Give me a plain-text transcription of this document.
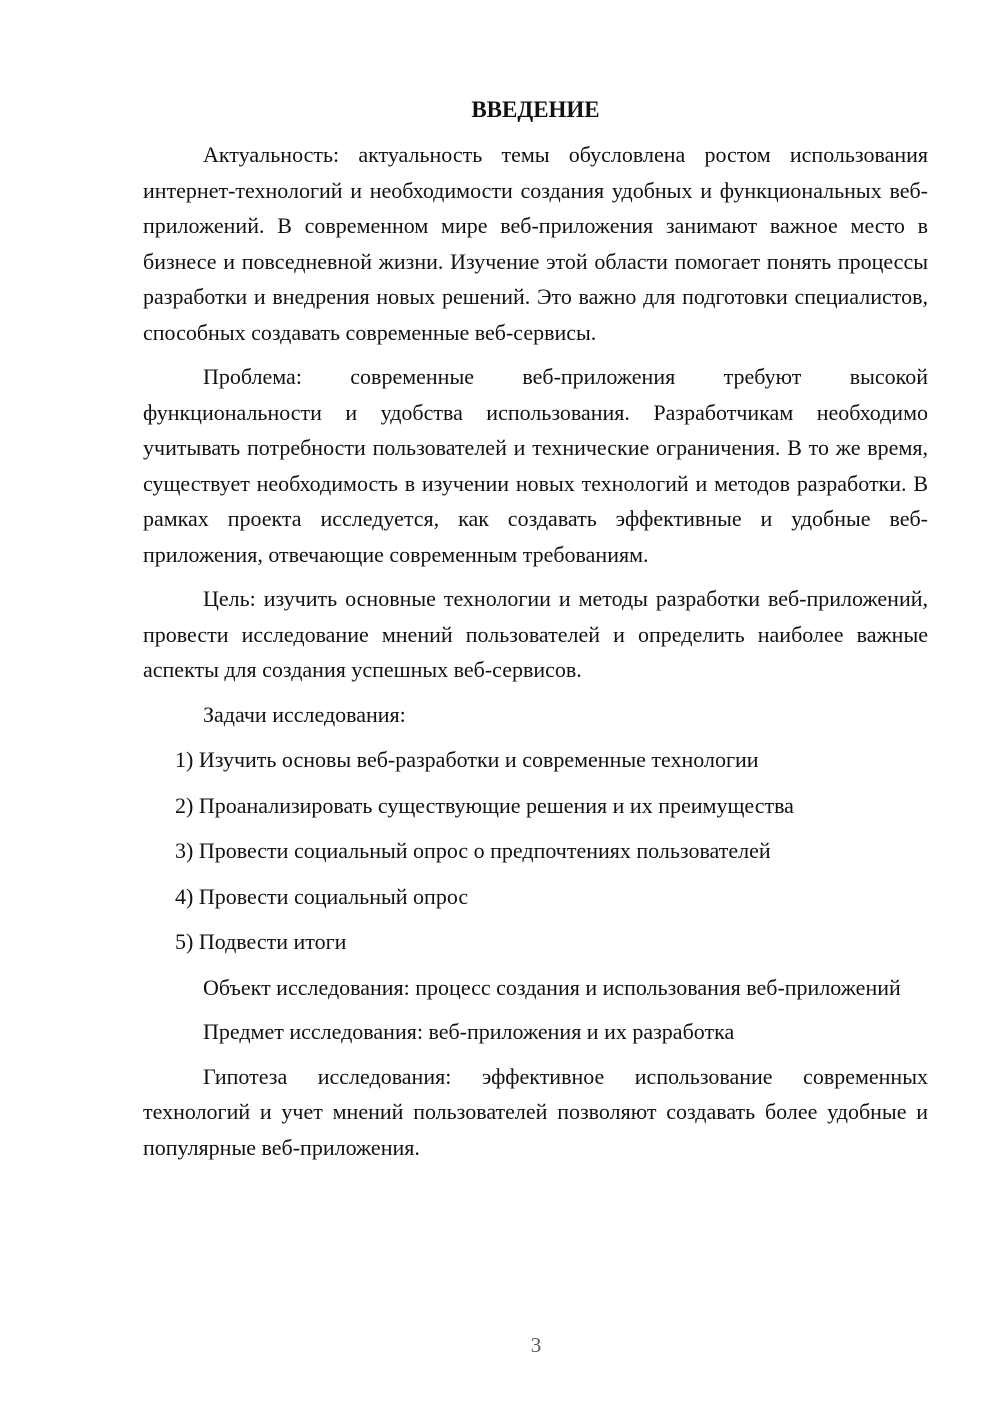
ВВЕДЕНИЕ

Актуальность: актуальность темы обусловлена ростом использования интернет-технологий и необходимости создания удобных и функциональных веб-приложений. В современном мире веб-приложения занимают важное место в бизнесе и повседневной жизни. Изучение этой области помогает понять процессы разработки и внедрения новых решений. Это важно для подготовки специалистов, способных создавать современные веб-сервисы.

Проблема: современные веб-приложения требуют высокой функциональности и удобства использования. Разработчикам необходимо учитывать потребности пользователей и технические ограничения. В то же время, существует необходимость в изучении новых технологий и методов разработки. В рамках проекта исследуется, как создавать эффективные и удобные веб-приложения, отвечающие современным требованиям.

Цель: изучить основные технологии и методы разработки веб-приложений, провести исследование мнений пользователей и определить наиболее важные аспекты для создания успешных веб-сервисов.

Задачи исследования:
1) Изучить основы веб-разработки и современные технологии
2) Проанализировать существующие решения и их преимущества
3) Провести социальный опрос о предпочтениях пользователей
4) Провести социальный опрос
5) Подвести итоги

Объект исследования: процесс создания и использования веб-приложений

Предмет исследования: веб-приложения и их разработка

Гипотеза исследования: эффективное использование современных технологий и учет мнений пользователей позволяют создавать более удобные и популярные веб-приложения.

3
